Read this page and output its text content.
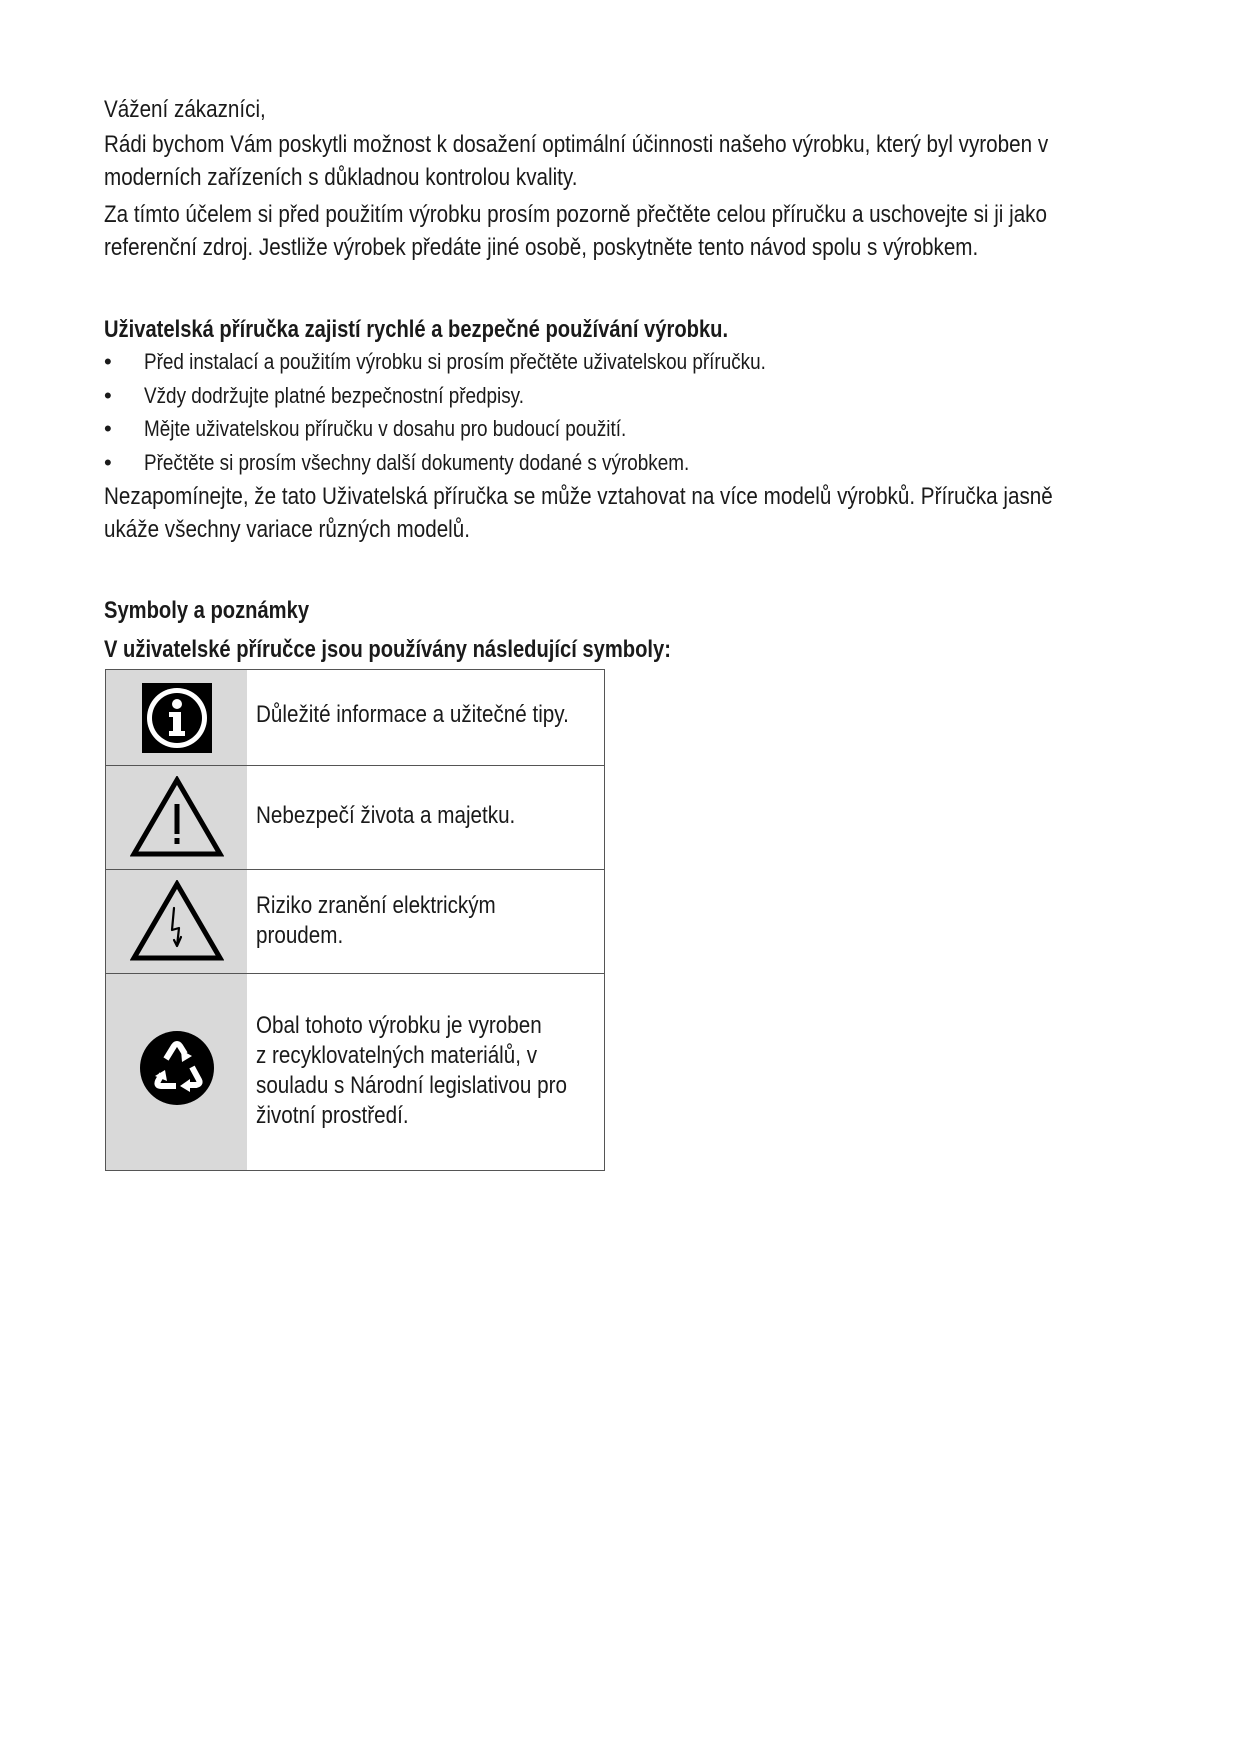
Vážení zákazníci,

Rádi bychom Vám poskytli možnost k dosažení optimální účinnosti našeho výrobku, který byl vyroben v

moderních zařízeních s důkladnou kontrolou kvality.

Za tímto účelem si před použitím výrobku prosím pozorně přečtěte celou příručku a uschovejte si ji jako

referenční zdroj. Jestliže výrobek předáte jiné osobě, poskytněte tento návod spolu s výrobkem.

Uživatelská příručka zajistí rychlé a bezpečné používání výrobku.

• Před instalací a použitím výrobku si prosím přečtěte uživatelskou příručku.
• Vždy dodržujte platné bezpečnostní předpisy.
• Mějte uživatelskou příručku v dosahu pro budoucí použití.
• Přečtěte si prosím všechny další dokumenty dodané s výrobkem.

Nezapomínejte, že tato Uživatelská příručka se může vztahovat na více modelů výrobků. Příručka jasně

ukáže všechny variace různých modelů.

Symboly a poznámky

V uživatelské příručce jsou používány následující symboly:

Důležité informace a užitečné tipy.
Nebezpečí života a majetku.
Riziko zranění elektrickým
proudem.
Obal tohoto výrobku je vyroben
z recyklovatelných materiálů, v
souladu s Národní legislativou pro
životní prostředí.
